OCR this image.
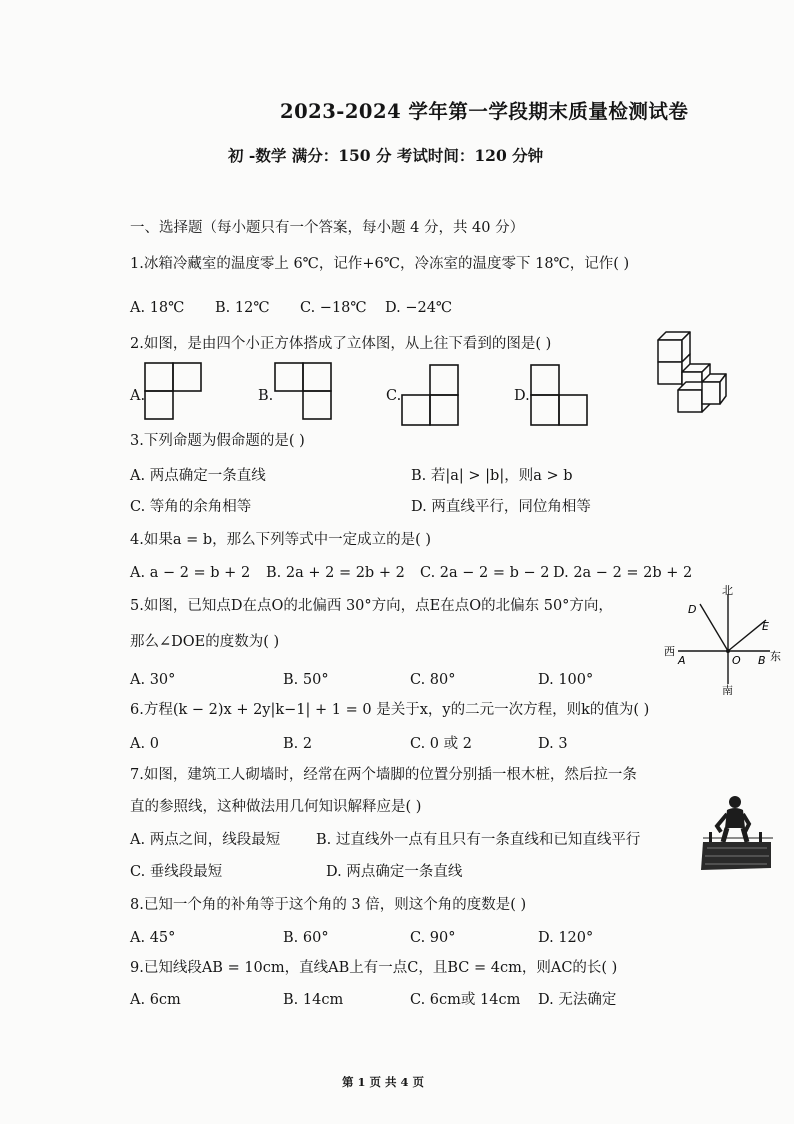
2023-2024 学年第一学段期末质量检测试卷
初 -数学 满分：150 分 考试时间：120 分钟
一、选择题（每小题只有一个答案，每小题 4 分，共 40 分）
1.冰箱冷藏室的温度零上 6℃，记作+6℃，冷冻室的温度零下 18℃，记作( )
A. 18℃ B. 12℃ C. −18℃ D. −24℃
2.如图，是由四个小正方体搭成了立体图，从上往下看到的图是( )
A.	B.	C.	D.
3.下列命题为假命题的是( )
A. 两点确定一条直线	B. 若|a| > |b|，则a > b
C. 等角的余角相等	D. 两直线平行，同位角相等
4.如果a = b，那么下列等式中一定成立的是( )
A. a − 2 = b + 2 B. 2a + 2 = 2b + 2 C. 2a − 2 = b − 2 D. 2a − 2 = 2b + 2
5.如图，已知点D在点O的北偏西 30°方向，点E在点O的北偏东 50°方向，
那么∠DOE的度数为( )
A. 30°	B. 50°	C. 80°	D. 100°
北
南
西	东
D
E
A	O B
6.方程(k − 2)x + 2y|k−1| + 1 = 0 是关于x，y的二元一次方程，则k的值为( )
A. 0	B. 2	C. 0 或 2	D. 3
7.如图，建筑工人砌墙时，经常在两个墙脚的位置分别插一根木桩，然后拉一条
直的参照线，这种做法用几何知识解释应是( )
A. 两点之间，线段最短 B. 过直线外一点有且只有一条直线和已知直线平行
C. 垂线段最短	D. 两点确定一条直线
8.已知一个角的补角等于这个角的 3 倍，则这个角的度数是( )
A. 45°	B. 60°	C. 90°	D. 120°
9.已知线段AB = 10cm，直线AB上有一点C，且BC = 4cm，则AC的长( )
A. 6cm	B. 14cm	C. 6cm或 14cm D. 无法确定
第 1 页 共 4 页
